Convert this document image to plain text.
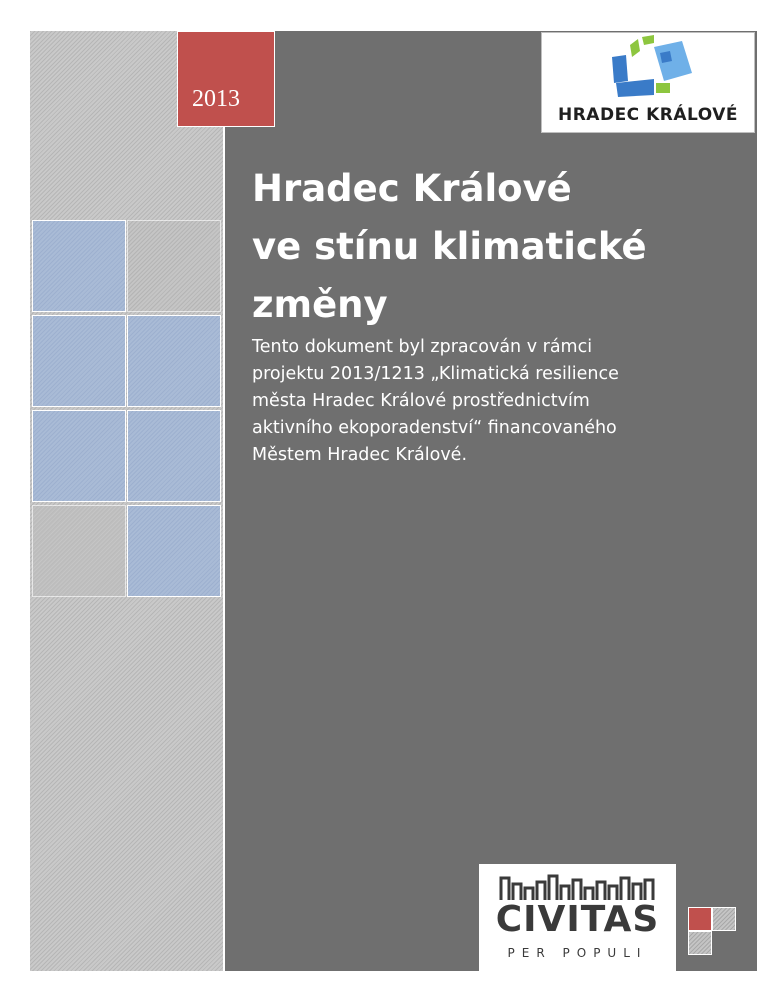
2013
HRADEC KRÁLOVÉ
Hradec Králové
ve stínu klimatické
změny
Tento dokument byl zpracován v rámci
projektu 2013/1213 „Klimatická resilience
města Hradec Králové prostřednictvím
aktivního ekoporadenství“ financovaného
Městem Hradec Králové.
CIVITAS
PER POPULI
